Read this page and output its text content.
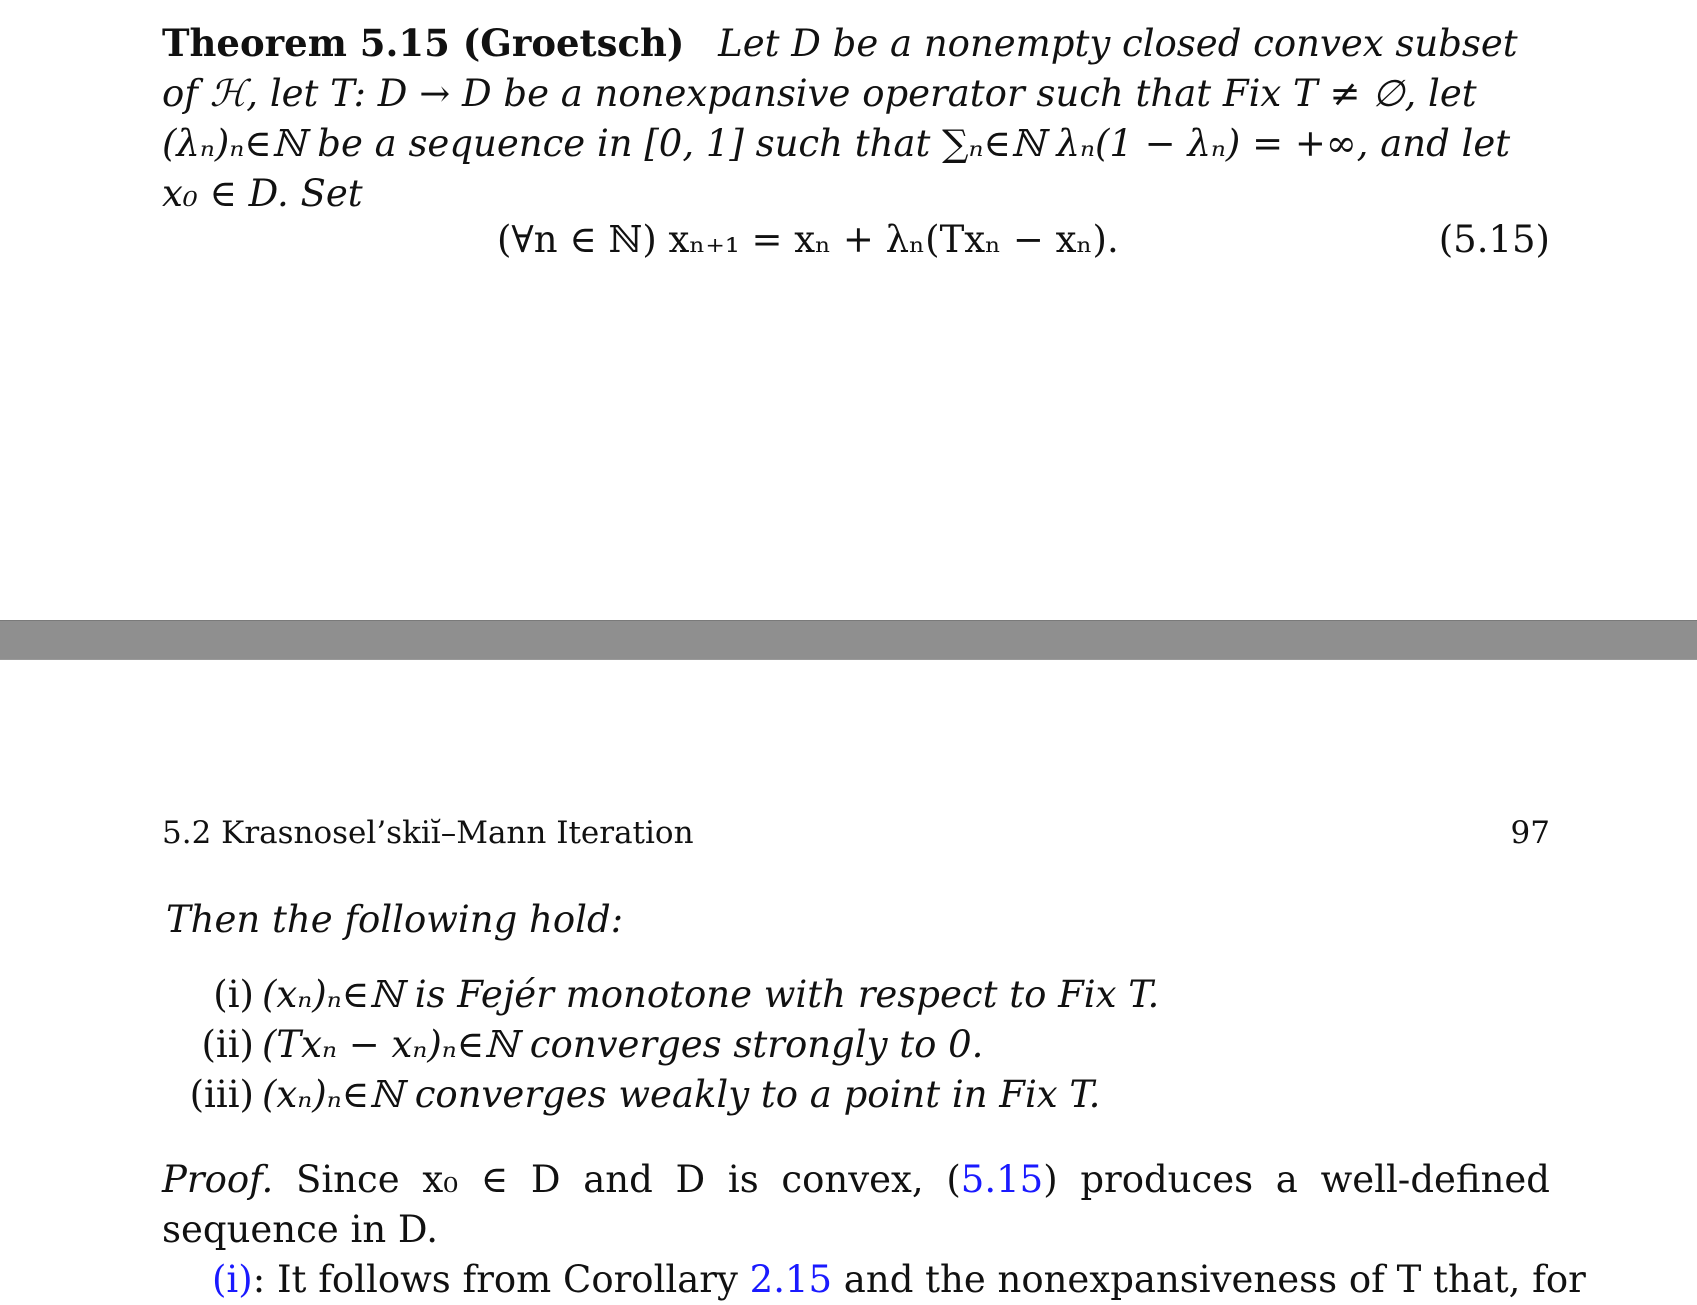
Theorem 5.15 (Groetsch) Let D be a nonempty closed convex subset of ℋ, let T: D → D be a nonexpansive operator such that Fix T ≠ ∅, let (λₙ)ₙ∈ℕ be a sequence in [0, 1] such that ∑ₙ∈ℕ λₙ(1 − λₙ) = +∞, and let x₀ ∈ D. Set
(∀n ∈ ℕ) xₙ₊₁ = xₙ + λₙ(Txₙ − xₙ).	(5.15)
5.2 Krasnosel’skiĭ–Mann Iteration	97
Then the following hold:
(i) (xₙ)ₙ∈ℕ is Fejér monotone with respect to Fix T.
(ii) (Txₙ − xₙ)ₙ∈ℕ converges strongly to 0.
(iii) (xₙ)ₙ∈ℕ converges weakly to a point in Fix T.
Proof. Since x₀ ∈ D and D is convex, (5.15) produces a well-defined sequence in D.
(i): It follows from Corollary 2.15 and the nonexpansiveness of T that, for
